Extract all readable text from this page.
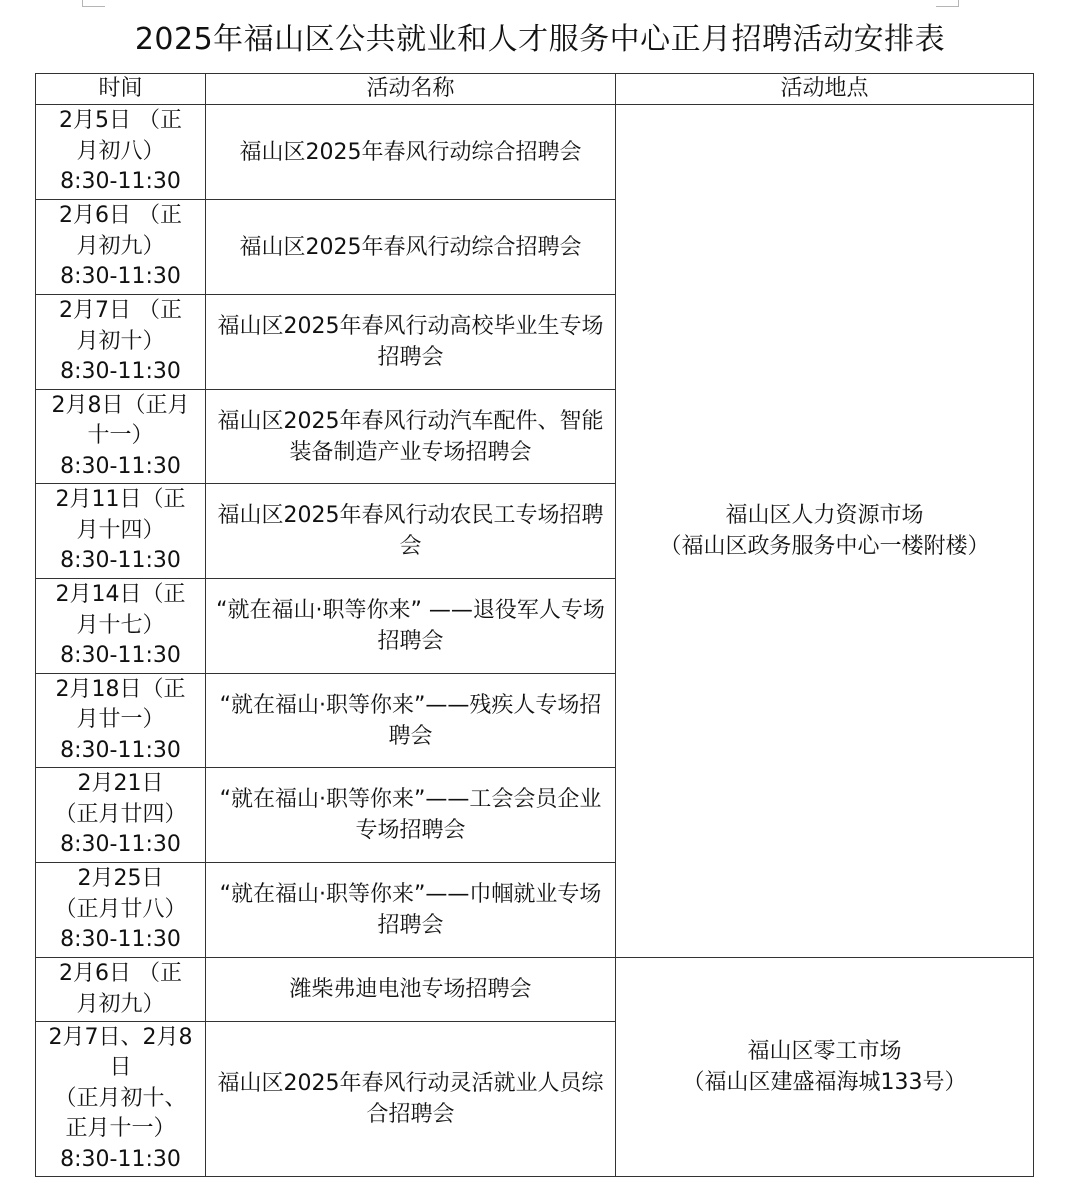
2025年福山区公共就业和人才服务中心正月招聘活动安排表
时间	活动名称	活动地点

2月5日 （正
月初八）
8:30-11:30	福山区2025年春风行动综合招聘会	福山区人力资源市场
（福山区政务服务中心一楼附楼）

2月6日 （正
月初九）
8:30-11:30	福山区2025年春风行动综合招聘会	

2月7日 （正
月初十）
8:30-11:30	福山区2025年春风行动高校毕业生专场招聘会	

2月8日（正月
十一）
8:30-11:30	福山区2025年春风行动汽车配件、智能装备制造产业专场招聘会	

2月11日（正
月十四）
8:30-11:30	福山区2025年春风行动农民工专场招聘会	

2月14日（正
月十七）
8:30-11:30	“就在福山·职等你来” ——退役军人专场招聘会	

2月18日（正
月廿一）
8:30-11:30	“就在福山·职等你来”——残疾人专场招聘会	

2月21日
（正月廿四）
8:30-11:30	“就在福山·职等你来”——工会会员企业专场招聘会	

2月25日
（正月廿八）
8:30-11:30	“就在福山·职等你来”——巾帼就业专场招聘会	

2月6日 （正
月初九）	潍柴弗迪电池专场招聘会	福山区零工市场
（福山区建盛福海城133号）

2月7日、2月8
日
（正月初十、
正月十一）
8:30-11:30	福山区2025年春风行动灵活就业人员综合招聘会	
